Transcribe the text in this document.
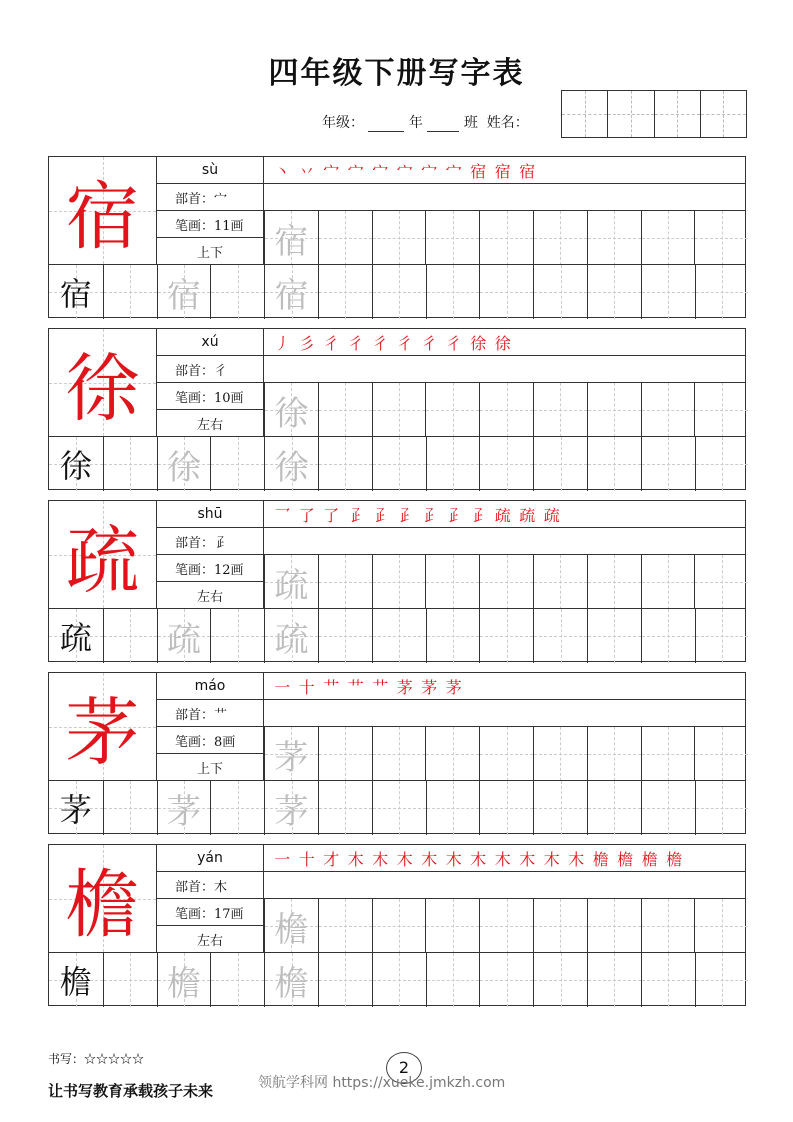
四年级下册写字表
年级：	年	班 姓名：
宿
sù
部首：宀
笔画：11画
上下
丶 丷 宀 宀 宀 宀 宀 宀 宿 宿 宿
宿
宿 宿 宿
徐
xú
部首：彳
笔画：10画
左右
丿 彡 彳 彳 彳 彳 彳 彳 徐 徐
徐
徐 徐 徐
疏
shū
部首：𤴔
笔画：12画
左右
乛 了 了 𤴔 𤴔 𤴔 𤴔 𤴔 𤴔 疏 疏 疏
疏
疏 疏 疏
茅
máo
部首：艹
笔画：8画
上下
一 十 艹 艹 艹 茅 茅 茅
茅
茅 茅 茅
檐
yán
部首：木
笔画：17画
左右
一 十 才 木 木 木 木 木 木 木 木 木 木 檐 檐 檐 檐
檐
檐 檐 檐
书写：☆☆☆☆☆
让书写教育承载孩子未来
2
领航学科网 https://xueke.jmkzh.com
